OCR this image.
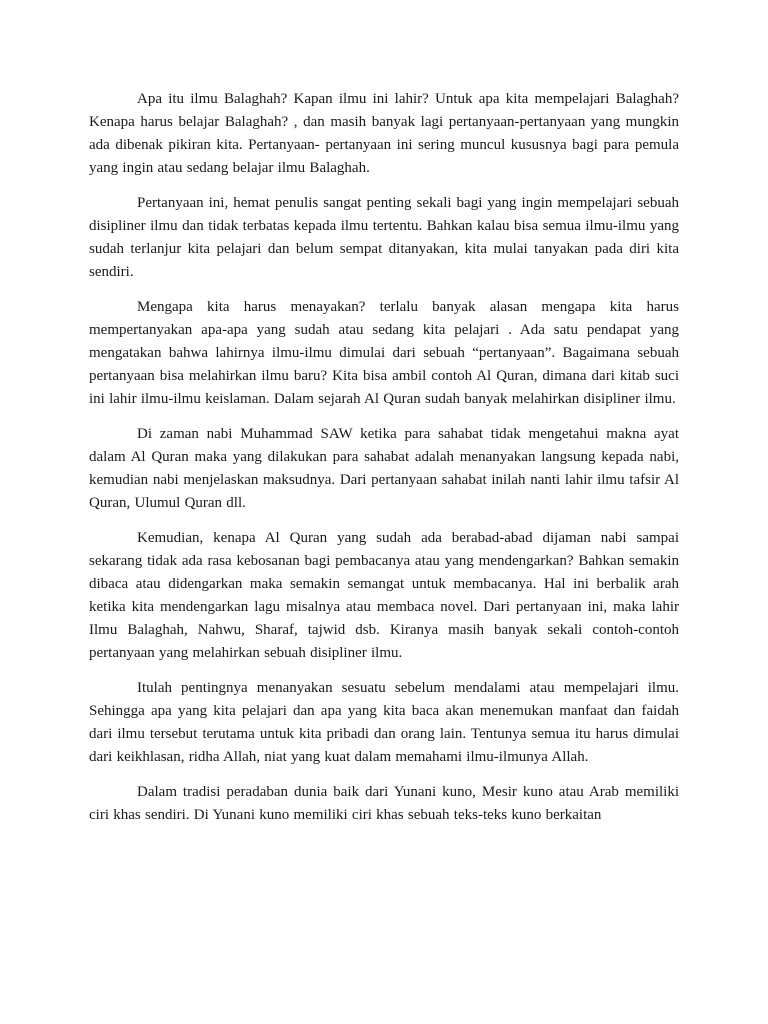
Apa itu ilmu Balaghah? Kapan ilmu ini lahir? Untuk apa kita mempelajari Balaghah? Kenapa harus belajar Balaghah? , dan masih banyak lagi pertanyaan-pertanyaan yang mungkin ada dibenak pikiran kita. Pertanyaan- pertanyaan ini sering muncul kususnya bagi para pemula yang ingin atau sedang belajar ilmu Balaghah.

Pertanyaan ini, hemat penulis sangat penting sekali bagi yang ingin mempelajari sebuah disipliner ilmu dan tidak terbatas kepada ilmu tertentu. Bahkan kalau bisa semua ilmu-ilmu yang sudah terlanjur kita pelajari dan belum sempat ditanyakan, kita mulai tanyakan pada diri kita sendiri.

Mengapa kita harus menayakan? terlalu banyak alasan mengapa kita harus mempertanyakan apa-apa yang sudah atau sedang kita pelajari . Ada satu pendapat yang mengatakan bahwa lahirnya ilmu-ilmu dimulai dari sebuah “pertanyaan”. Bagaimana sebuah pertanyaan bisa melahirkan ilmu baru? Kita bisa ambil contoh Al Quran, dimana dari kitab suci ini lahir ilmu-ilmu keislaman. Dalam sejarah Al Quran sudah banyak melahirkan disipliner ilmu.

Di zaman nabi Muhammad SAW ketika para sahabat tidak mengetahui makna ayat dalam Al Quran maka yang dilakukan para sahabat adalah menanyakan langsung kepada nabi, kemudian nabi menjelaskan maksudnya. Dari pertanyaan sahabat inilah nanti lahir ilmu tafsir Al Quran, Ulumul Quran dll.

Kemudian, kenapa Al Quran yang sudah ada berabad-abad dijaman nabi sampai sekarang tidak ada rasa kebosanan bagi pembacanya atau yang mendengarkan? Bahkan semakin dibaca atau didengarkan maka semakin semangat untuk membacanya. Hal ini berbalik arah ketika kita mendengarkan lagu misalnya atau membaca novel. Dari pertanyaan ini, maka lahir Ilmu Balaghah, Nahwu, Sharaf, tajwid dsb. Kiranya masih banyak sekali contoh-contoh pertanyaan yang melahirkan sebuah disipliner ilmu.

Itulah pentingnya menanyakan sesuatu sebelum mendalami atau mempelajari ilmu. Sehingga apa yang kita pelajari dan apa yang kita baca akan menemukan manfaat dan faidah dari ilmu tersebut terutama untuk kita pribadi dan orang lain. Tentunya semua itu harus dimulai dari keikhlasan, ridha Allah, niat yang kuat dalam memahami ilmu-ilmunya Allah.

Dalam tradisi peradaban dunia baik dari Yunani kuno, Mesir kuno atau Arab memiliki ciri khas sendiri. Di Yunani kuno memiliki ciri khas sebuah teks-teks kuno berkaitan
